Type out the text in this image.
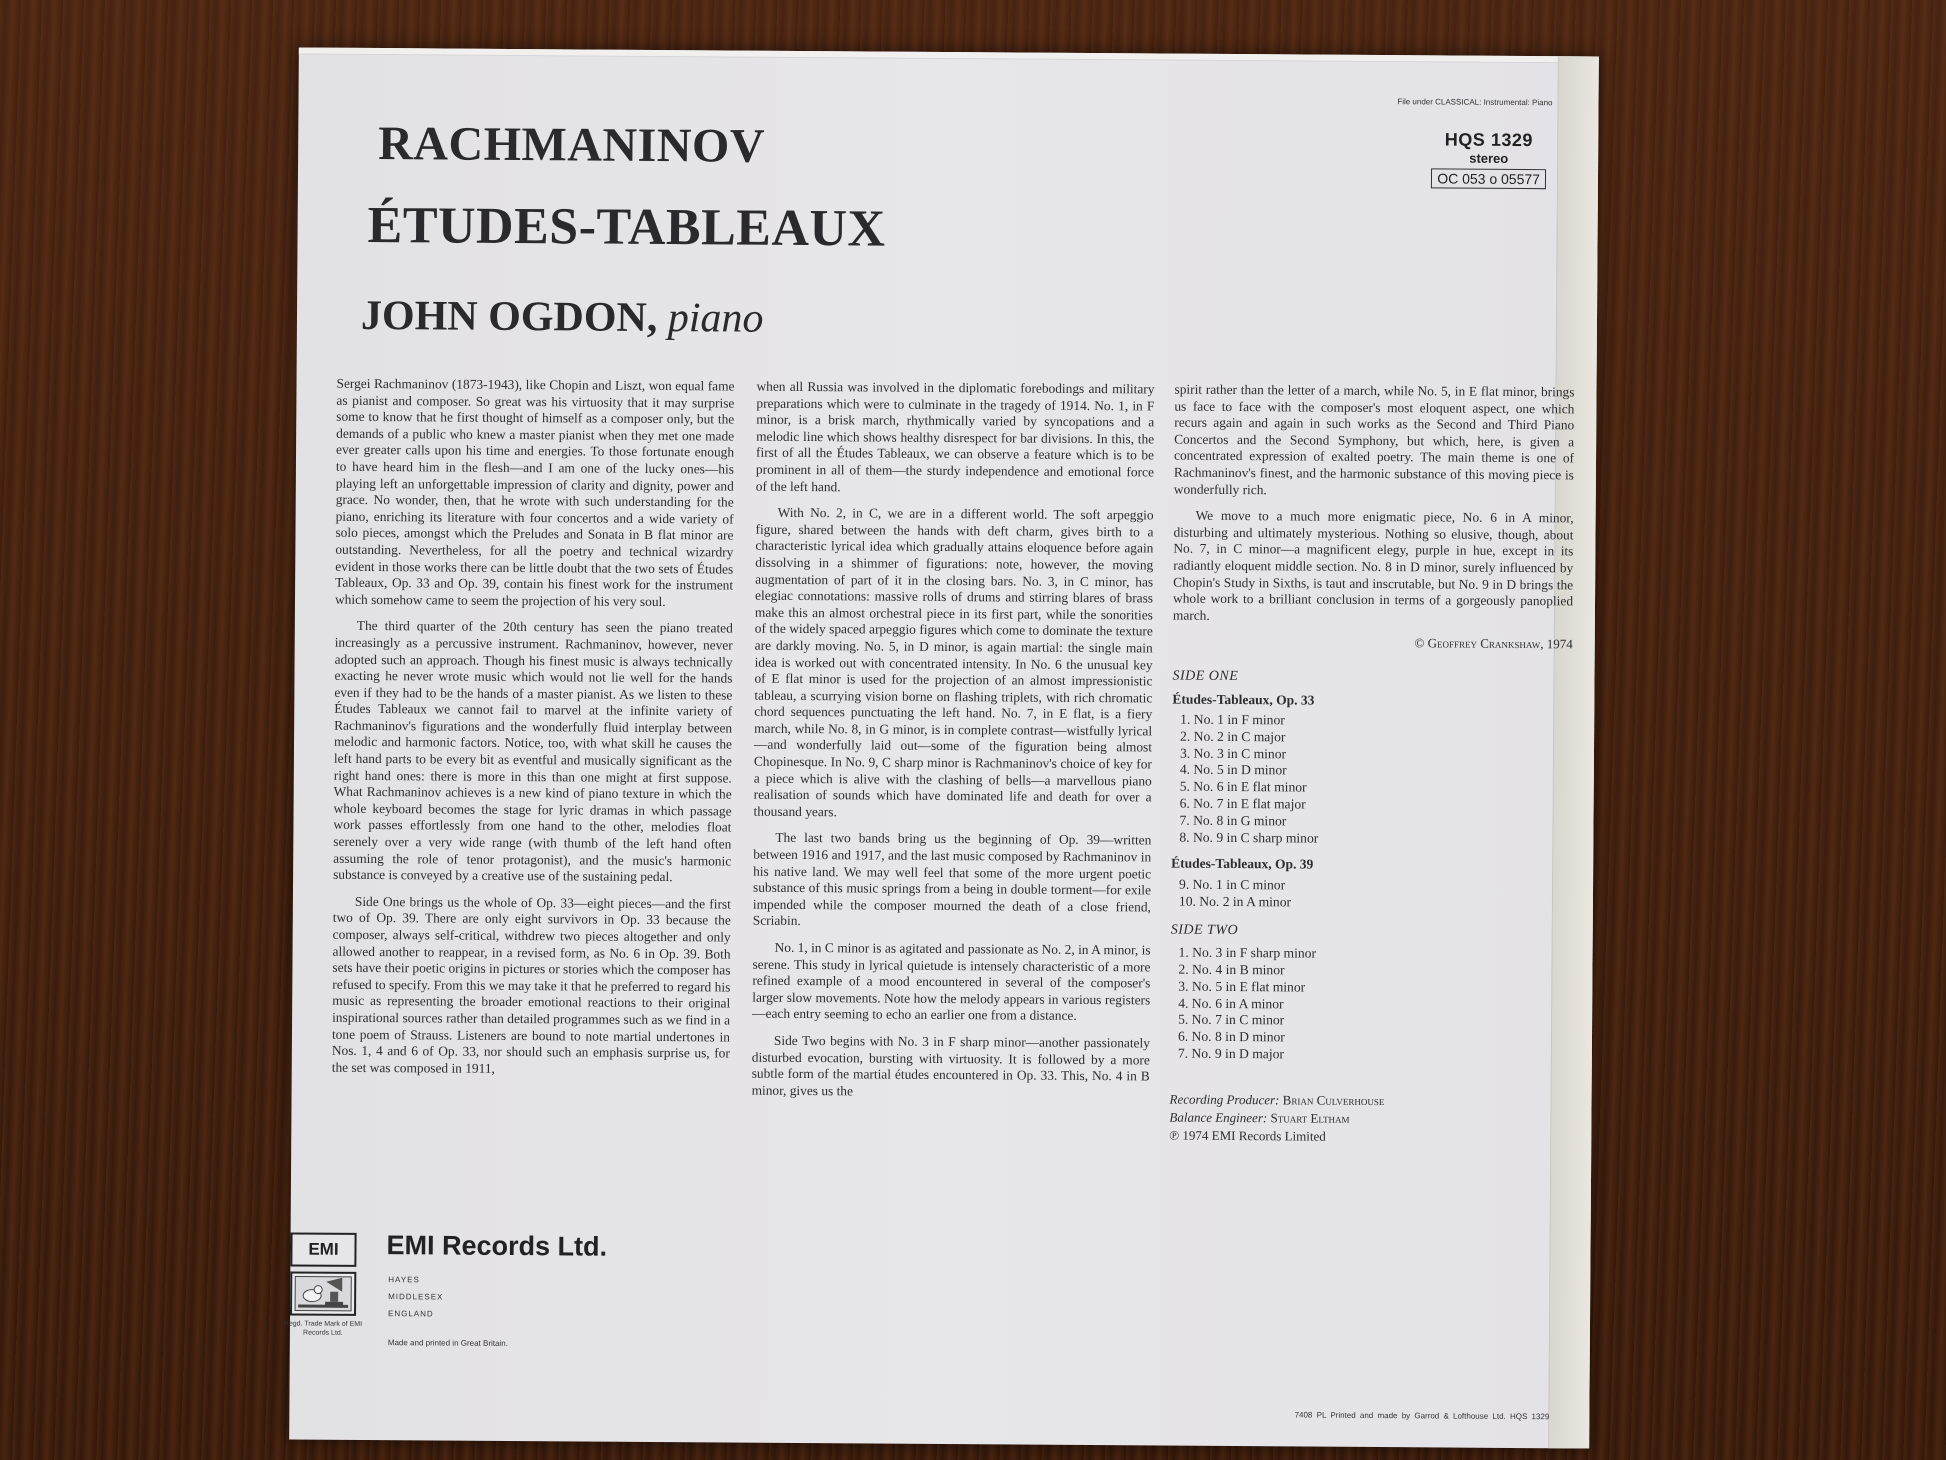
File under CLASSICAL: Instrumental: Piano
HQS 1329
stereo
OC 053 o 05577
RACHMANINOV
ÉTUDES-TABLEAUX
JOHN OGDON, piano

Sergei Rachmaninov (1873-1943), like Chopin and Liszt, won equal fame as pianist and composer. So great was his virtuosity that it may surprise some to know that he first thought of himself as a composer only, but the demands of a public who knew a master pianist when they met one made ever greater calls upon his time and energies. To those fortunate enough to have heard him in the flesh—and I am one of the lucky ones—his playing left an unforgettable impression of clarity and dignity, power and grace. No wonder, then, that he wrote with such understanding for the piano, enriching its literature with four concertos and a wide variety of solo pieces, amongst which the Preludes and Sonata in B flat minor are outstanding. Nevertheless, for all the poetry and technical wizardry evident in those works there can be little doubt that the two sets of Études Tableaux, Op. 33 and Op. 39, contain his finest work for the instrument which somehow came to seem the projection of his very soul.

The third quarter of the 20th century has seen the piano treated increasingly as a percussive instrument. Rachmaninov, however, never adopted such an approach. Though his finest music is always technically exacting he never wrote music which would not lie well for the hands even if they had to be the hands of a master pianist. As we listen to these Études Tableaux we cannot fail to marvel at the infinite variety of Rachmaninov's figurations and the wonderfully fluid interplay between melodic and harmonic factors. Notice, too, with what skill he causes the left hand parts to be every bit as eventful and musically significant as the right hand ones: there is more in this than one might at first suppose. What Rachmaninov achieves is a new kind of piano texture in which the whole keyboard becomes the stage for lyric dramas in which passage work passes effortlessly from one hand to the other, melodies float serenely over a very wide range (with thumb of the left hand often assuming the role of tenor protagonist), and the music's harmonic substance is conveyed by a creative use of the sustaining pedal.

Side One brings us the whole of Op. 33—eight pieces—and the first two of Op. 39. There are only eight survivors in Op. 33 because the composer, always self-critical, withdrew two pieces altogether and only allowed another to reappear, in a revised form, as No. 6 in Op. 39. Both sets have their poetic origins in pictures or stories which the composer has refused to specify. From this we may take it that he preferred to regard his music as representing the broader emotional reactions to their original inspirational sources rather than detailed programmes such as we find in a tone poem of Strauss. Listeners are bound to note martial undertones in Nos. 1, 4 and 6 of Op. 33, nor should such an emphasis surprise us, for the set was composed in 1911,

when all Russia was involved in the diplomatic forebodings and military preparations which were to culminate in the tragedy of 1914. No. 1, in F minor, is a brisk march, rhythmically varied by syncopations and a melodic line which shows healthy disrespect for bar divisions. In this, the first of all the Études Tableaux, we can observe a feature which is to be prominent in all of them—the sturdy independence and emotional force of the left hand.

With No. 2, in C, we are in a different world. The soft arpeggio figure, shared between the hands with deft charm, gives birth to a characteristic lyrical idea which gradually attains eloquence before again dissolving in a shimmer of figurations: note, however, the moving augmentation of part of it in the closing bars. No. 3, in C minor, has elegiac connotations: massive rolls of drums and stirring blares of brass make this an almost orchestral piece in its first part, while the sonorities of the widely spaced arpeggio figures which come to dominate the texture are darkly moving. No. 5, in D minor, is again martial: the single main idea is worked out with concentrated intensity. In No. 6 the unusual key of E flat minor is used for the projection of an almost impressionistic tableau, a scurrying vision borne on flashing triplets, with rich chromatic chord sequences punctuating the left hand. No. 7, in E flat, is a fiery march, while No. 8, in G minor, is in complete contrast—wistfully lyrical—and wonderfully laid out—some of the figuration being almost Chopinesque. In No. 9, C sharp minor is Rachmaninov's choice of key for a piece which is alive with the clashing of bells—a marvellous piano realisation of sounds which have dominated life and death for over a thousand years.

The last two bands bring us the beginning of Op. 39—written between 1916 and 1917, and the last music composed by Rachmaninov in his native land. We may well feel that some of the more urgent poetic substance of this music springs from a being in double torment—for exile impended while the composer mourned the death of a close friend, Scriabin.

No. 1, in C minor is as agitated and passionate as No. 2, in A minor, is serene. This study in lyrical quietude is intensely characteristic of a more refined example of a mood encountered in several of the composer's larger slow movements. Note how the melody appears in various registers—each entry seeming to echo an earlier one from a distance.

Side Two begins with No. 3 in F sharp minor—another passionately disturbed evocation, bursting with virtuosity. It is followed by a more subtle form of the martial études encountered in Op. 33. This, No. 4 in B minor, gives us the

spirit rather than the letter of a march, while No. 5, in E flat minor, brings us face to face with the composer's most eloquent aspect, one which recurs again and again in such works as the Second and Third Piano Concertos and the Second Symphony, but which, here, is given a concentrated expression of exalted poetry. The main theme is one of Rachmaninov's finest, and the harmonic substance of this moving piece is wonderfully rich.

We move to a much more enigmatic piece, No. 6 in A minor, disturbing and ultimately mysterious. Nothing so elusive, though, about No. 7, in C minor—a magnificent elegy, purple in hue, except in its radiantly eloquent middle section. No. 8 in D minor, surely influenced by Chopin's Study in Sixths, is taut and inscrutable, but No. 9 in D brings the whole work to a brilliant conclusion in terms of a gorgeously panoplied march.

© Geoffrey Crankshaw, 1974
SIDE ONE
Études-Tableaux, Op. 33
1. No. 1 in F minor
2. No. 2 in C major
3. No. 3 in C minor
4. No. 5 in D minor
5. No. 6 in E flat minor
6. No. 7 in E flat major
7. No. 8 in G minor
8. No. 9 in C sharp minor
Études-Tableaux, Op. 39
9. No. 1 in C minor
10. No. 2 in A minor
SIDE TWO
1. No. 3 in F sharp minor
2. No. 4 in B minor
3. No. 5 in E flat minor
4. No. 6 in A minor
5. No. 7 in C minor
6. No. 8 in D minor
7. No. 9 in D major
Recording Producer: Brian Culverhouse
Balance Engineer: Stuart Eltham
℗ 1974 EMI Records Limited
EMI
Regd. Trade Mark of EMI Records Ltd.
EMI Records Ltd.
HAYES
MIDDLESEX
ENGLAND
Made and printed in Great Britain.
7408 PL Printed and made by Garrod & Lofthouse Ltd. HQS 1329
